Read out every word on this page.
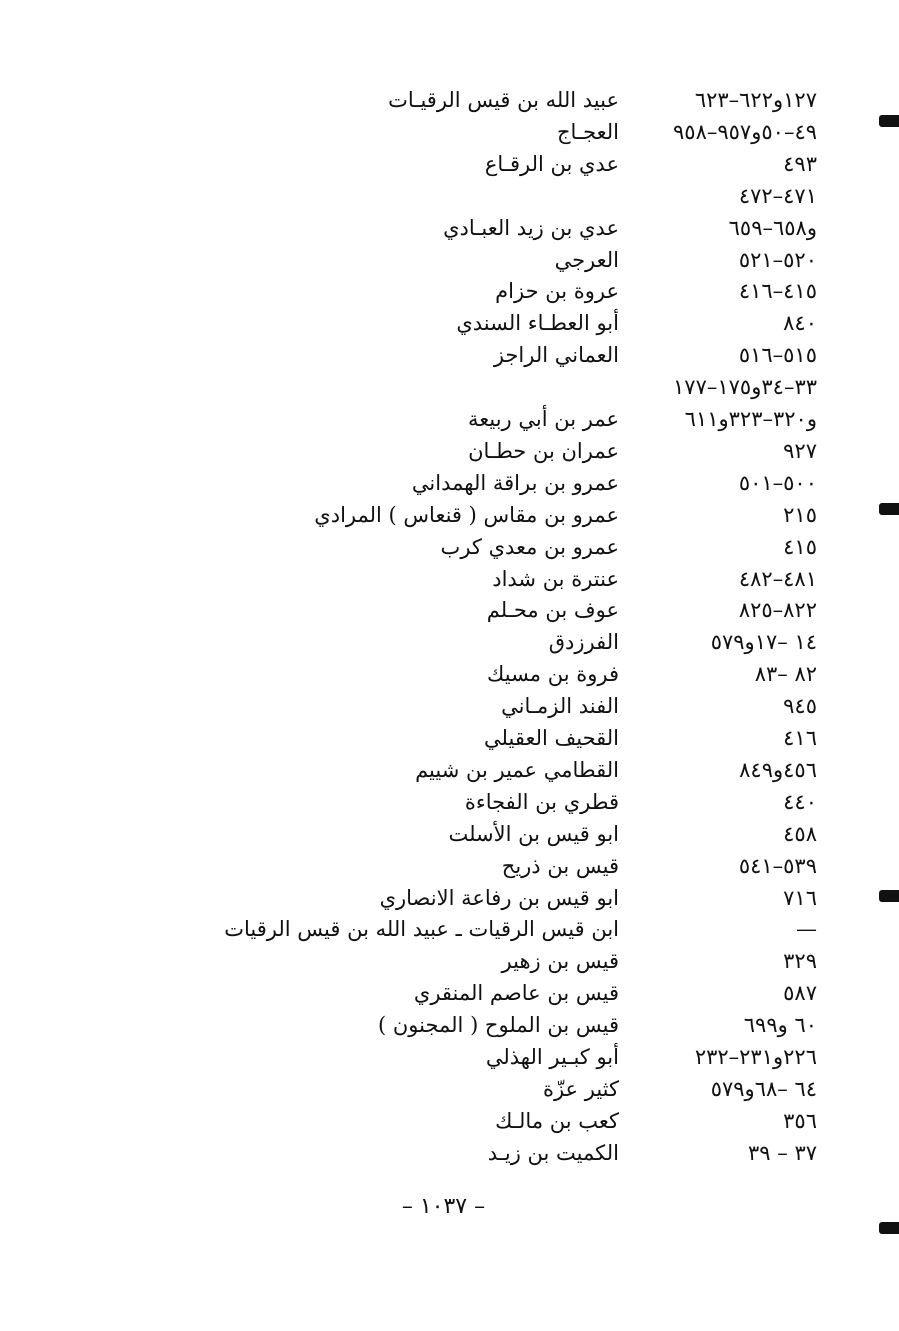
عبيد الله بن قيس الرقيـات	١٢٧و٦٢٢–٦٢٣
العجـاج	٤٩–٥٠و٩٥٧–٩٥٨
عدي بن الرقـاع	٤٩٣
٤٧١–٤٧٢
عدي بن زيد العبـادي	و٦٥٨–٦٥٩
العرجي	٥٢٠–٥٢١
عروة بن حزام	٤١٥–٤١٦
أبو العطـاء السندي	٨٤٠
العماني الراجز	٥١٥–٥١٦
٣٣–٣٤و١٧٥–١٧٧
عمر بن أبي ربيعة	و٣٢٠–٣٢٣و٦١١
عمران بن حطـان	٩٢٧
عمرو بن براقة الهمداني	٥٠٠–٥٠١
عمرو بن مقاس ( قنعاس ) المرادي	٢١٥
عمرو بن معدي كرب	٤١٥
عنترة بن شداد	٤٨١–٤٨٢
عوف بن محـلم	٨٢٢–٨٢٥
الفرزدق	١٤ –١٧و٥٧٩
فروة بن مسيك	٨٢ –٨٣
الفند الزمـاني	٩٤٥
القحيف العقيلي	٤١٦
القطامي عمير بن شييم	٤٥٦و٨٤٩
قطري بن الفجاءة	٤٤٠
ابو قيس بن الأسلت	٤٥٨
قيس بن ذريح	٥٣٩–٥٤١
ابو قيس بن رفاعة الانصاري	٧١٦
ابن قيس الرقيات ـ عبيد الله بن قيس الرقيات	—
قيس بن زهير	٣٢٩
قيس بن عاصم المنقري	٥٨٧
قيس بن الملوح ( المجنون )	٦٠ و٦٩٩
أبو كبـير الهذلي	٢٢٦و٢٣١–٢٣٢
كثير عزّة	٦٤ –٦٨و٥٧٩
كعب بن مالـك	٣٥٦
الكميت بن زيـد	٣٧ – ٣٩
– ١٠٣٧ –
